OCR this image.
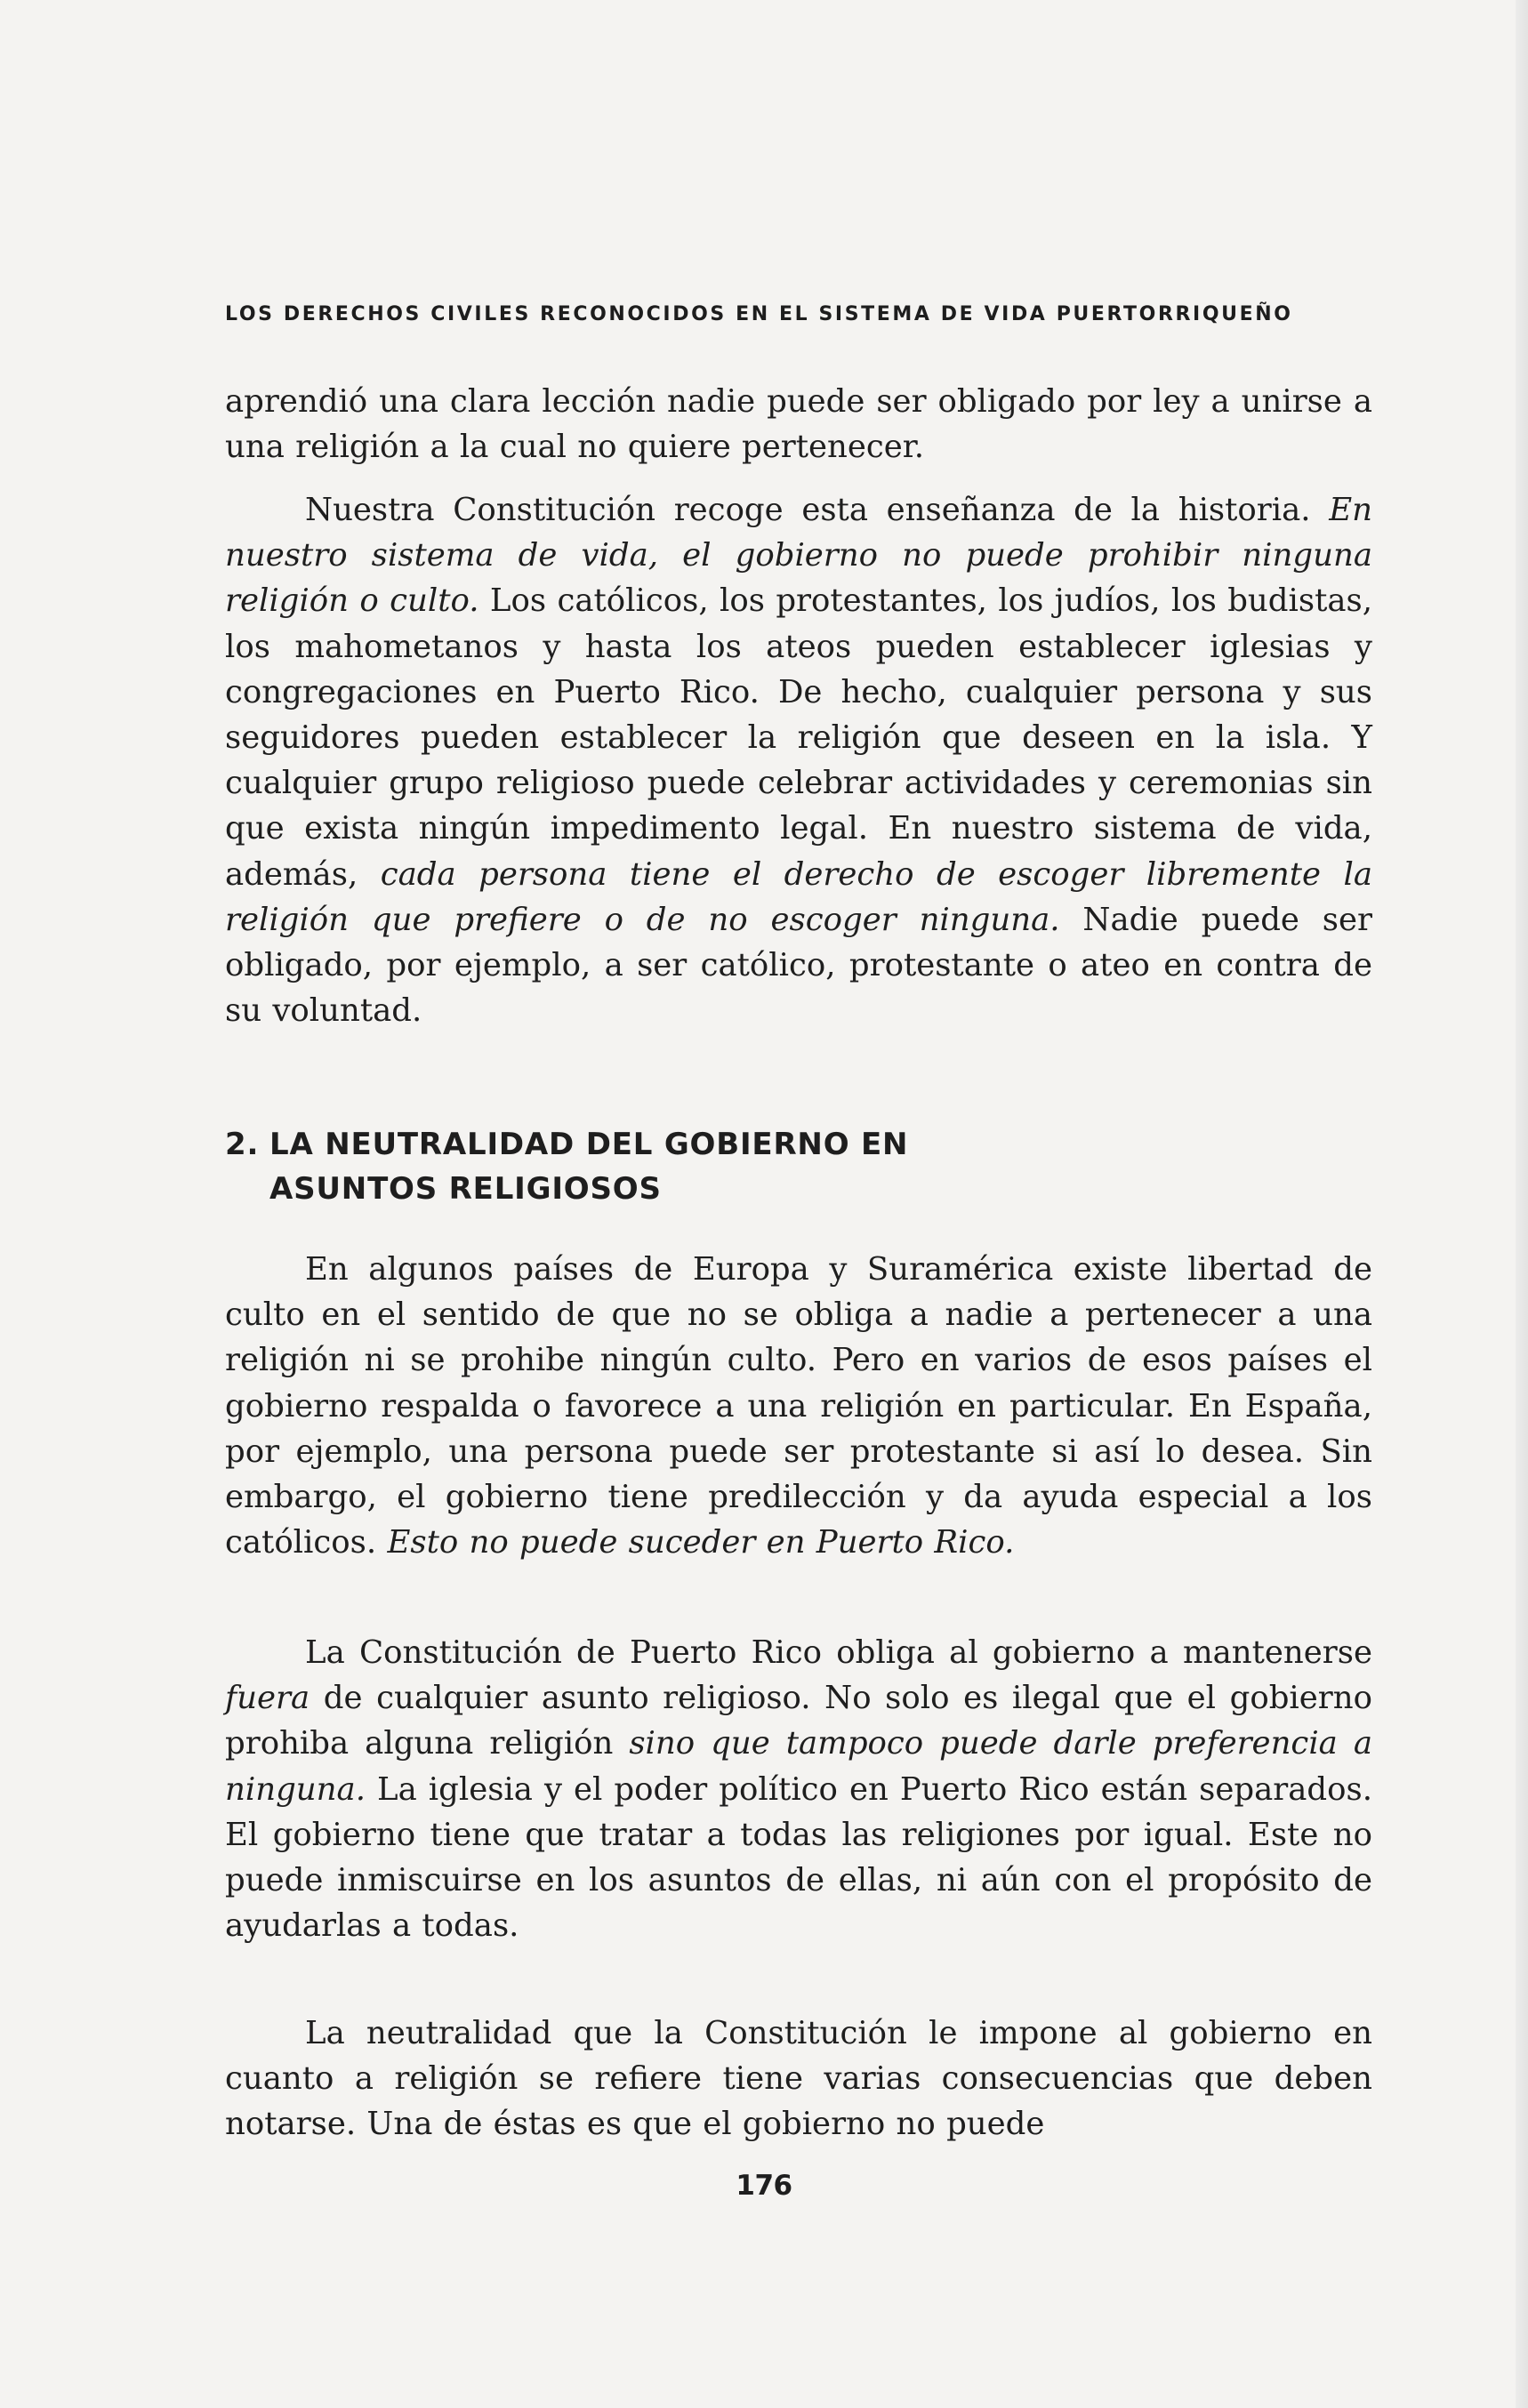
LOS DERECHOS CIVILES RECONOCIDOS EN EL SISTEMA DE VIDA PUERTORRIQUEÑO

aprendió una clara lección nadie puede ser obligado por ley a unirse a una religión a la cual no quiere pertenecer.

Nuestra Constitución recoge esta enseñanza de la historia. En nuestro sistema de vida, el gobierno no puede prohibir ninguna religión o culto. Los católicos, los protestantes, los judíos, los budistas, los mahometanos y hasta los ateos pueden establecer iglesias y congregaciones en Puerto Rico. De hecho, cualquier persona y sus seguidores pueden establecer la religión que deseen en la isla. Y cualquier grupo religioso puede celebrar actividades y ceremonias sin que exista ningún impedimento legal. En nuestro sistema de vida, además, cada persona tiene el derecho de escoger libremente la religión que prefiere o de no escoger ninguna. Nadie puede ser obligado, por ejemplo, a ser católico, protestante o ateo en contra de su voluntad.

2. LA NEUTRALIDAD DEL GOBIERNO EN
ASUNTOS RELIGIOSOS

En algunos países de Europa y Suramérica existe libertad de culto en el sentido de que no se obliga a nadie a pertenecer a una religión ni se prohibe ningún culto. Pero en varios de esos países el gobierno respalda o favorece a una religión en particular. En España, por ejemplo, una persona puede ser protestante si así lo desea. Sin embargo, el gobierno tiene predilección y da ayuda especial a los católicos. Esto no puede suceder en Puerto Rico.

La Constitución de Puerto Rico obliga al gobierno a mantenerse fuera de cualquier asunto religioso. No solo es ilegal que el gobierno prohiba alguna religión sino que tampoco puede darle preferencia a ninguna. La iglesia y el poder político en Puerto Rico están separados. El gobierno tiene que tratar a todas las religiones por igual. Este no puede inmiscuirse en los asuntos de ellas, ni aún con el propósito de ayudarlas a todas.

La neutralidad que la Constitución le impone al gobierno en cuanto a religión se refiere tiene varias consecuencias que deben notarse. Una de éstas es que el gobierno no puede

176
